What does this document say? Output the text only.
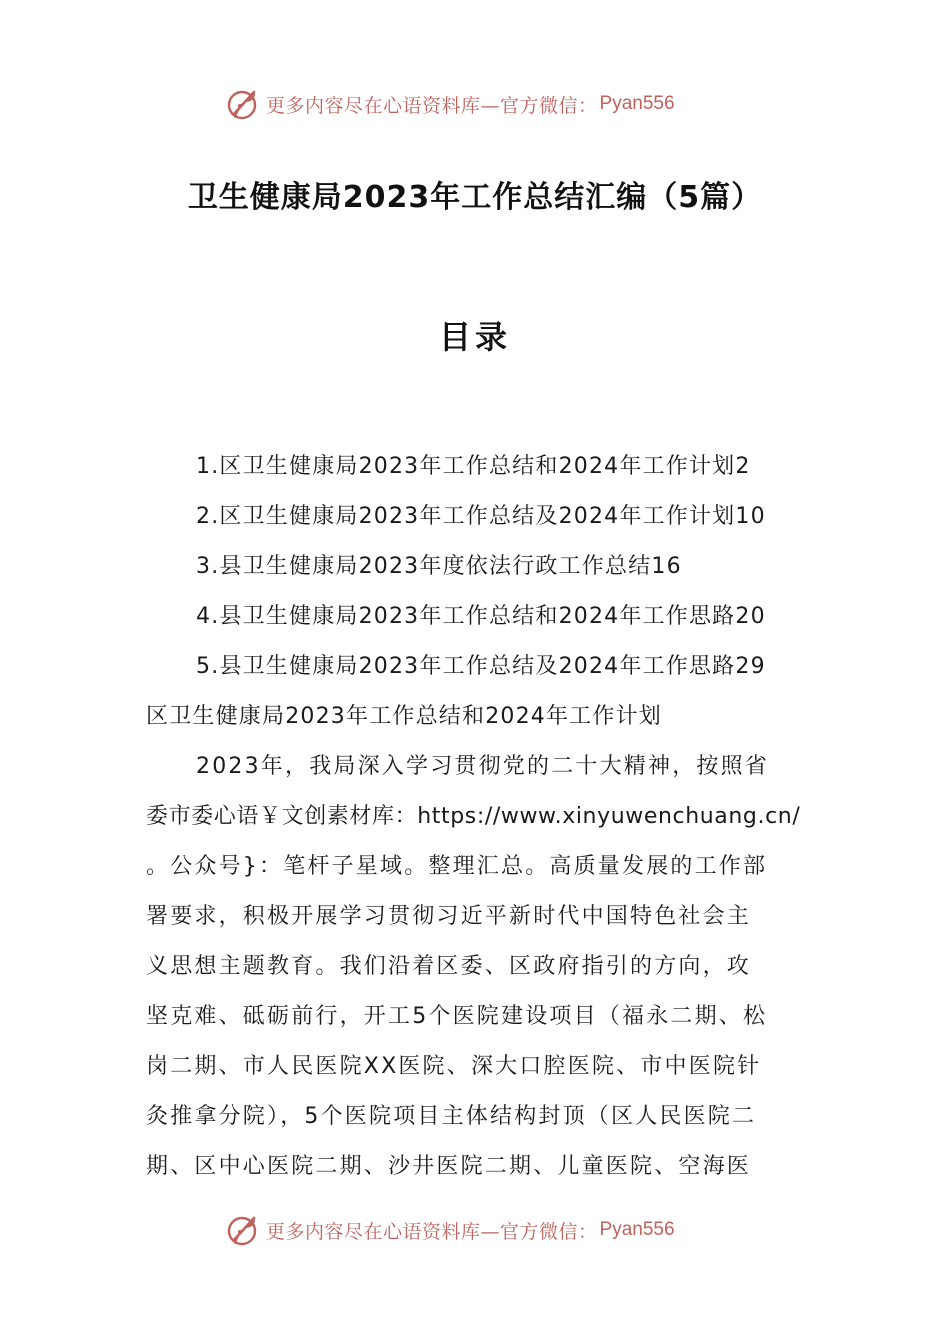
更多内容尽在心语资料库—官方微信： Pyan556
卫生健康局2023年工作总结汇编（5篇）
目录
1.区卫生健康局2023年工作总结和2024年工作计划2
2.区卫生健康局2023年工作总结及2024年工作计划10
3.县卫生健康局2023年度依法行政工作总结16
4.县卫生健康局2023年工作总结和2024年工作思路20
5.县卫生健康局2023年工作总结及2024年工作思路29
区卫生健康局2023年工作总结和2024年工作计划
2023年，我局深入学习贯彻党的二十大精神，按照省
委市委心语￥文创素材库：https://www.xinyuwenchuang.cn/
。公众号}：笔杆子星域。整理汇总。高质量发展的工作部
署要求，积极开展学习贯彻习近平新时代中国特色社会主
义思想主题教育。我们沿着区委、区政府指引的方向，攻
坚克难、砥砺前行，开工5个医院建设项目（福永二期、松
岗二期、市人民医院XX医院、深大口腔医院、市中医院针
灸推拿分院），5个医院项目主体结构封顶（区人民医院二
期、区中心医院二期、沙井医院二期、儿童医院、空海医
更多内容尽在心语资料库—官方微信： Pyan556
